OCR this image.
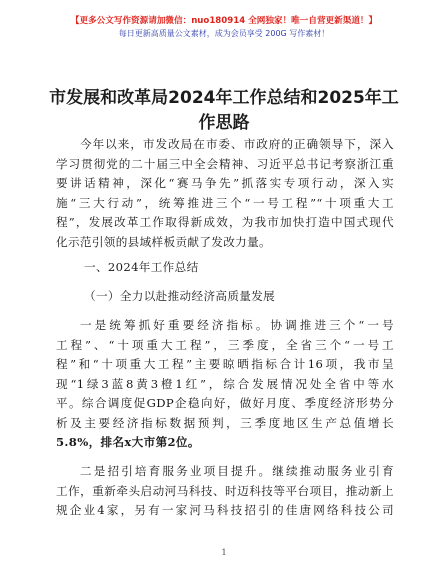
【更多公文写作资源请加微信：nuo180914 全网独家！唯一自营更新渠道！】
每日更新高质量公文素材，成为会员享受 200G 写作素材！
市发展和改革局2024年工作总结和2025年工
作思路
今年以来，市发改局在市委、市政府的正确领导下，深入
学习贯彻党的二十届三中全会精神、习近平总书记考察浙江重
要讲话精神，深化“赛马争先”抓落实专项行动，深入实
施“三大行动”，统筹推进三个“一号工程”“十项重大工
程”，发展改革工作取得新成效，为我市加快打造中国式现代
化示范引领的县域样板贡献了发改力量。
一、2024年工作总结
（一）全力以赴推动经济高质量发展
一是统筹抓好重要经济指标。协调推进三个“一号
工程”、“十项重大工程”，三季度，全省三个“一号工
程”和“十项重大工程”主要晾晒指标合计16项，我市呈
现“1绿3蓝8黄3橙1红”，综合发展情况处全省中等水
平。综合调度促GDP企稳向好，做好月度、季度经济形势分
析及主要经济指标数据预判，三季度地区生产总值增长
5.8%，排名x大市第2位。
二是招引培育服务业项目提升。继续推动服务业引育
工作，重新牵头启动河马科技、时迈科技等平台项目，推动新上
规企业4家，另有一家河马科技招引的佳唐网络科技公司
1
